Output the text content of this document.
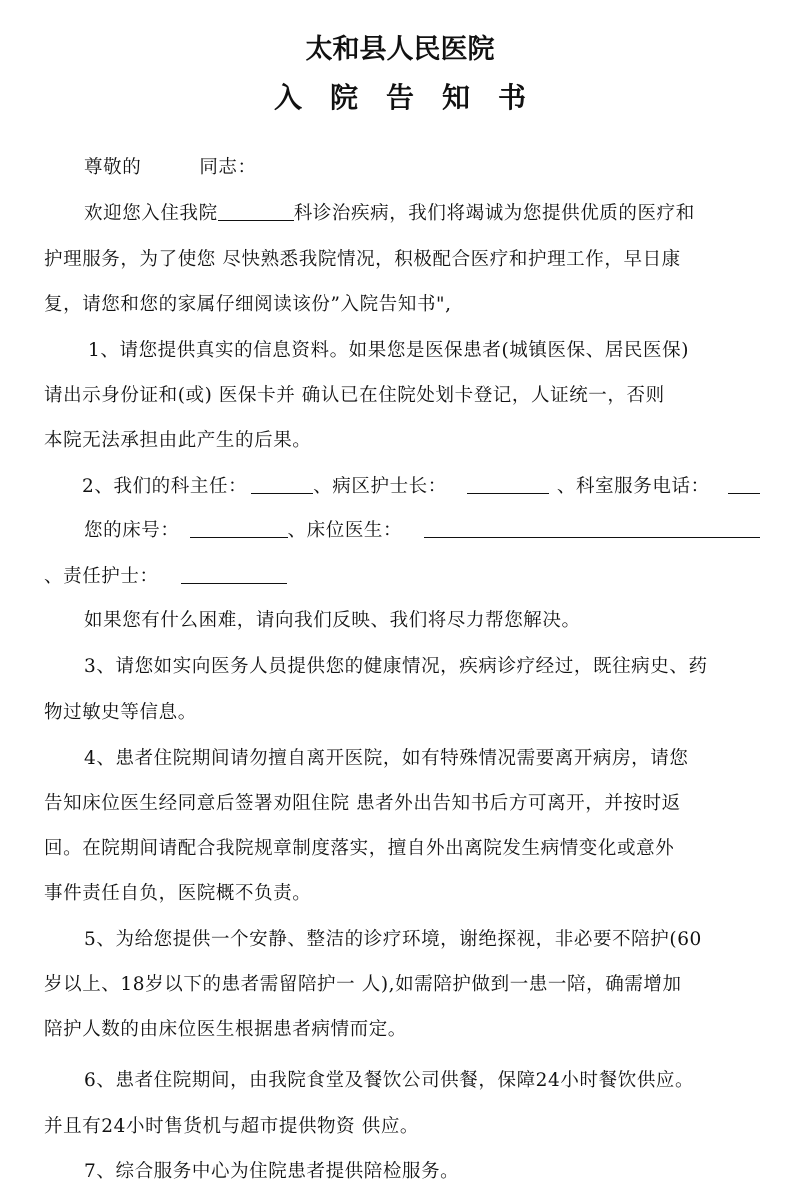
太和县人民医院
入院告知书
尊敬的	同志：
欢迎您入住我院	科诊治疾病，我们将竭诚为您提供优质的医疗和
护理服务，为了使您 尽快熟悉我院情况，积极配合医疗和护理工作，早日康
复，请您和您的家属仔细阅读该份”入院告知书",
1、请您提供真实的信息资料。如果您是医保患者(城镇医保、居民医保)
请出示身份证和(或) 医保卡并 确认已在住院处划卡登记，人证统一，否则
本院无法承担由此产生的后果。
2、我们的科主任：	、病区护士长：	、科室服务电话：
您的床号：	、床位医生：
、责任护士：
如果您有什么困难，请向我们反映、我们将尽力帮您解决。
3、请您如实向医务人员提供您的健康情况，疾病诊疗经过，既往病史、药
物过敏史等信息。
4、患者住院期间请勿擅自离开医院，如有特殊情况需要离开病房，请您
告知床位医生经同意后签署劝阻住院 患者外出告知书后方可离开，并按时返
回。在院期间请配合我院规章制度落实，擅自外出离院发生病情变化或意外
事件责任自负，医院概不负责。
5、为给您提供一个安静、整洁的诊疗环境，谢绝探视，非必要不陪护(60
岁以上、18岁以下的患者需留陪护一 人),如需陪护做到一患一陪，确需增加
陪护人数的由床位医生根据患者病情而定。
6、患者住院期间，由我院食堂及餐饮公司供餐，保障24小时餐饮供应。
并且有24小时售货机与超市提供物资 供应。
7、综合服务中心为住院患者提供陪检服务。
